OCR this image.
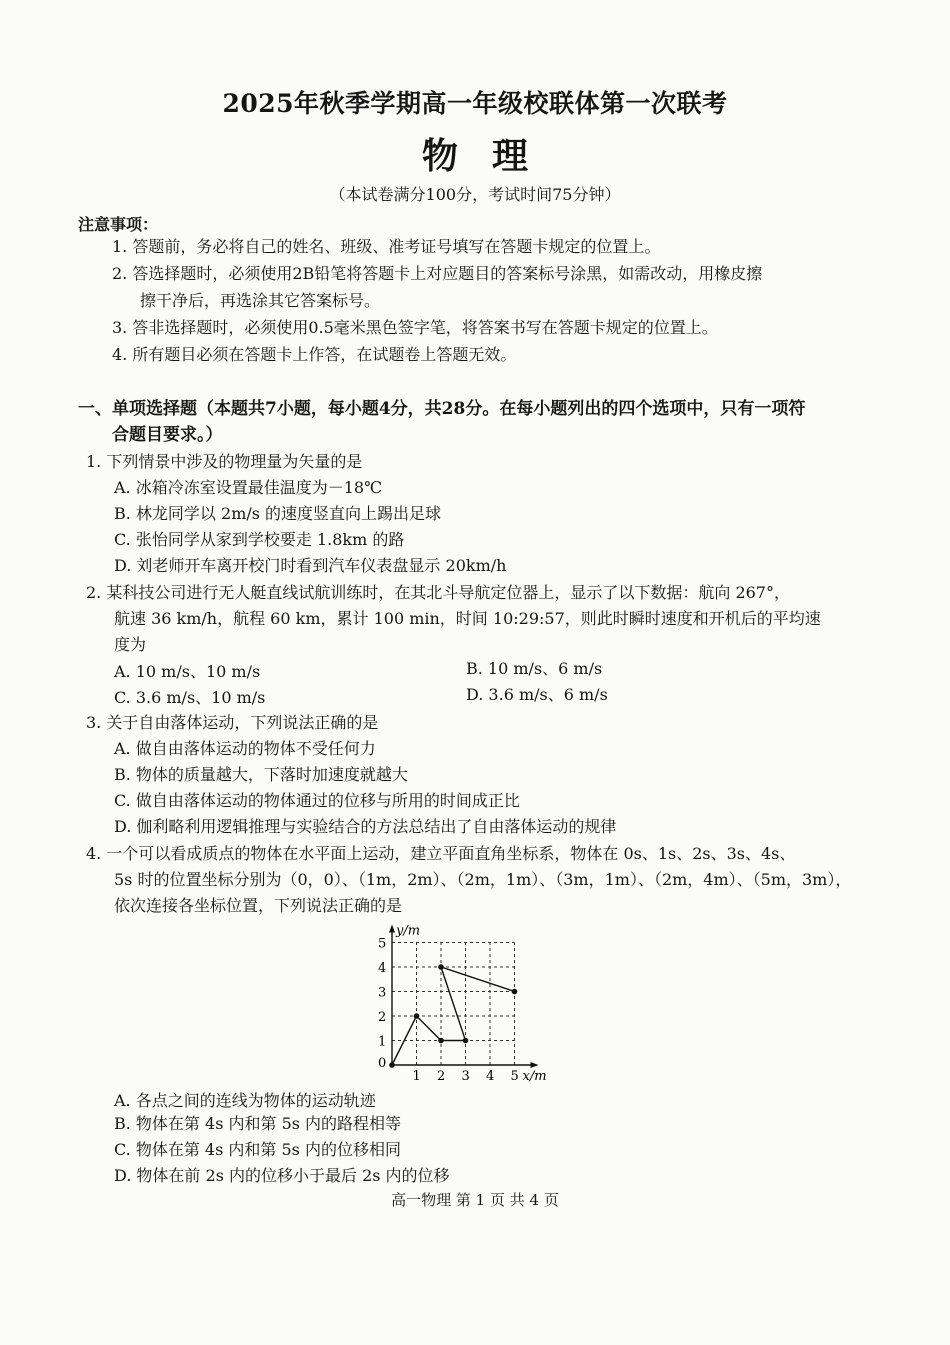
2025年秋季学期高一年级校联体第一次联考
物理
（本试卷满分100分，考试时间75分钟）
注意事项：
1. 答题前，务必将自己的姓名、班级、准考证号填写在答题卡规定的位置上。
2. 答选择题时，必须使用2B铅笔将答题卡上对应题目的答案标号涂黑，如需改动，用橡皮擦
擦干净后，再选涂其它答案标号。
3. 答非选择题时，必须使用0.5毫米黑色签字笔，将答案书写在答题卡规定的位置上。
4. 所有题目必须在答题卡上作答，在试题卷上答题无效。
一、单项选择题（本题共7小题，每小题4分，共28分。在每小题列出的四个选项中，只有一项符
合题目要求。）
1. 下列情景中涉及的物理量为矢量的是
A. 冰箱冷冻室设置最佳温度为－18℃
B. 林龙同学以 2m/s 的速度竖直向上踢出足球
C. 张怡同学从家到学校要走 1.8km 的路
D. 刘老师开车离开校门时看到汽车仪表盘显示 20km/h
2. 某科技公司进行无人艇直线试航训练时，在其北斗导航定位器上，显示了以下数据：航向 267°，
航速 36 km/h，航程 60 km，累计 100 min，时间 10:29:57，则此时瞬时速度和开机后的平均速
度为
A. 10 m/s、10 m/s	B. 10 m/s、6 m/s
C. 3.6 m/s、10 m/s	D. 3.6 m/s、6 m/s
3. 关于自由落体运动，下列说法正确的是
A. 做自由落体运动的物体不受任何力
B. 物体的质量越大，下落时加速度就越大
C. 做自由落体运动的物体通过的位移与所用的时间成正比
D. 伽利略利用逻辑推理与实验结合的方法总结出了自由落体运动的规律
4. 一个可以看成质点的物体在水平面上运动，建立平面直角坐标系，物体在 0s、1s、2s、3s、4s、
5s 时的位置坐标分别为（0，0）、（1m，2m）、（2m，1m）、（3m，1m）、（2m，4m）、（5m，3m），
依次连接各坐标位置，下列说法正确的是
1 2 3 4 5
1
2
3
4
5
y/m
x/m
0
A. 各点之间的连线为物体的运动轨迹
B. 物体在第 4s 内和第 5s 内的路程相等
C. 物体在第 4s 内和第 5s 内的位移相同
D. 物体在前 2s 内的位移小于最后 2s 内的位移
高一物理 第 1 页 共 4 页
